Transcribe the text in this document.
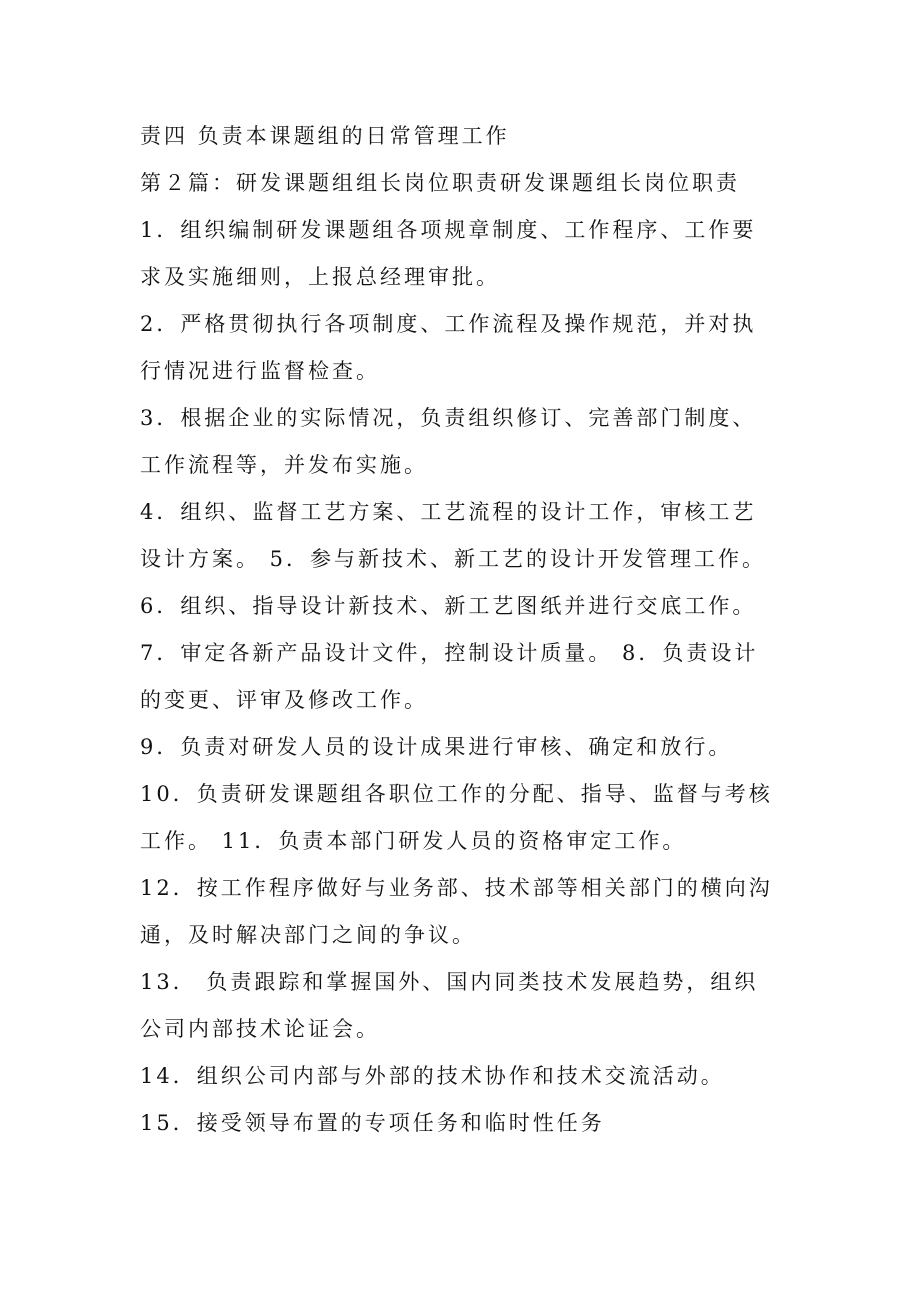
责四 负责本课题组的日常管理工作
第２篇：研发课题组组长岗位职责研发课题组长岗位职责
1．组织编制研发课题组各项规章制度、工作程序、工作要
求及实施细则，上报总经理审批。
2．严格贯彻执行各项制度、工作流程及操作规范，并对执
行情况进行监督检查。
3．根据企业的实际情况，负责组织修订、完善部门制度、
工作流程等，并发布实施。
4．组织、监督工艺方案、工艺流程的设计工作，审核工艺
设计方案。 5．参与新技术、新工艺的设计开发管理工作。
6．组织、指导设计新技术、新工艺图纸并进行交底工作。
7．审定各新产品设计文件，控制设计质量。 8．负责设计
的变更、评审及修改工作。
9．负责对研发人员的设计成果进行审核、确定和放行。
10．负责研发课题组各职位工作的分配、指导、监督与考核
工作。 11．负责本部门研发人员的资格审定工作。
12．按工作程序做好与业务部、技术部等相关部门的横向沟
通，及时解决部门之间的争议。
13． 负责跟踪和掌握国外、国内同类技术发展趋势，组织
公司内部技术论证会。
14．组织公司内部与外部的技术协作和技术交流活动。
15．接受领导布置的专项任务和临时性任务
